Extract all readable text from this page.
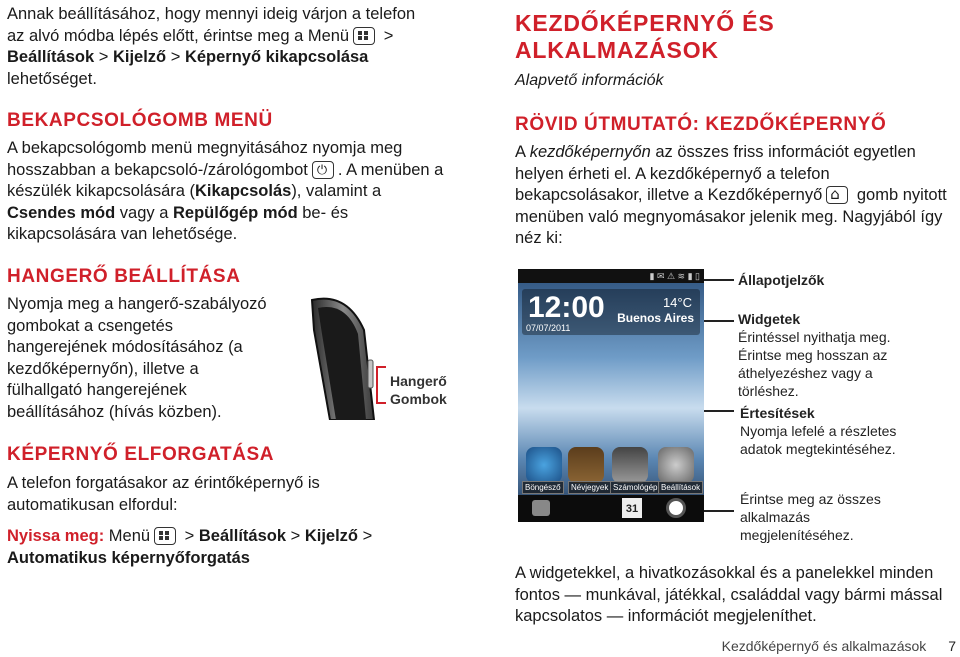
Annak beállításához, hogy mennyi ideig várjon a telefon az alvó módba lépés előtt, érintse meg a Menü > Beállítások > Kijelző > Képernyő kikapcsolása lehetőséget.

BEKAPCSOLÓGOMB MENÜ

A bekapcsológomb menü megnyitásához nyomja meg hosszabban a bekapcsoló-/zárológombot⏻ . A menüben a készülék kikapcsolására (Kikapcsolás), valamint a Csendes mód vagy a Repülőgép mód be- és kikapcsolására van lehetősége.

HANGERŐ BEÁLLÍTÁSA

Nyomja meg a hangerő-szabályozó gombokat a csengetés hangerejének módosításához (a kezdőképernyőn), illetve a fülhallgató hangerejének beállításához (hívás közben).

Hangerő
Gombok

KÉPERNYŐ ELFORGATÁSA

A telefon forgatásakor az érintőképernyő is automatikusan elfordul:

Nyissa meg: Menü > Beállítások > Kijelző > Automatikus képernyőforgatás

KEZDŐKÉPERNYŐ ÉS

ALKALMAZÁSOK

Alapvető információk

RÖVID ÚTMUTATÓ: KEZDŐKÉPERNYŐ

A kezdőképernyőn az összes friss információt egyetlen helyen érheti el. A kezdőképernyő a telefon bekapcsolásakor, illetve a Kezdőképernyő⌂ gomb nyitott menüben való megnyomásakor jelenik meg. Nagyjából így néz ki:

▮ ✉ ⚠ ≋ ▮ ▯
12:00
07/07/2011
14°C
Buenos Aires
Böngésző	Névjegyek Számológép Beállítások
31
Állapotjelzők
Widgetek
Érintéssel nyithatja meg. Érintse meg hosszan az áthelyezéshez vagy a törléshez.
Értesítések
Nyomja lefelé a részletes adatok megtekintéséhez.
Érintse meg az összes alkalmazás megjelenítéséhez.

A widgetekkel, a hivatkozásokkal és a panelekkel minden fontos — munkával, játékkal, családdal vagy bármi mással kapcsolatos — információt megjeleníthet.

Kezdőképernyő és alkalmazások 7
